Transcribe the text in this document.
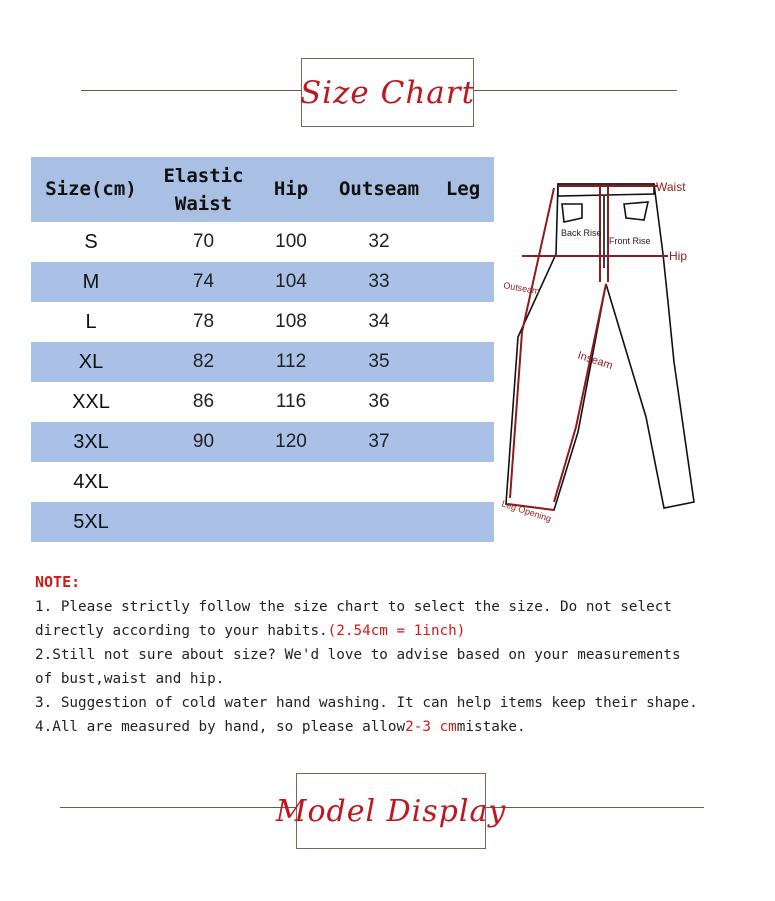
Size Chart
Size(cm)	Elastic Waist	Hip	Outseam	Leg
S	70	100	32	
M	74	104	33	
L	78	108	34	
XL	82	112	35	
XXL	86	116	36	
3XL	90	120	37	
4XL				
5XL				
Waist
Hip
Back Rise
Front Rise
Outseam
Inseam
Leg Opening

NOTE:

1. Please strictly follow the size chart to select the size. Do not select

directly according to your habits.(2.54cm = 1inch)

2.Still not sure about size? We'd love to advise based on your measurements

of bust,waist and hip.

3. Suggestion of cold water hand washing. It can help items keep their shape.

4.All are measured by hand, so please allow2-3 cmmistake.

Model Display
